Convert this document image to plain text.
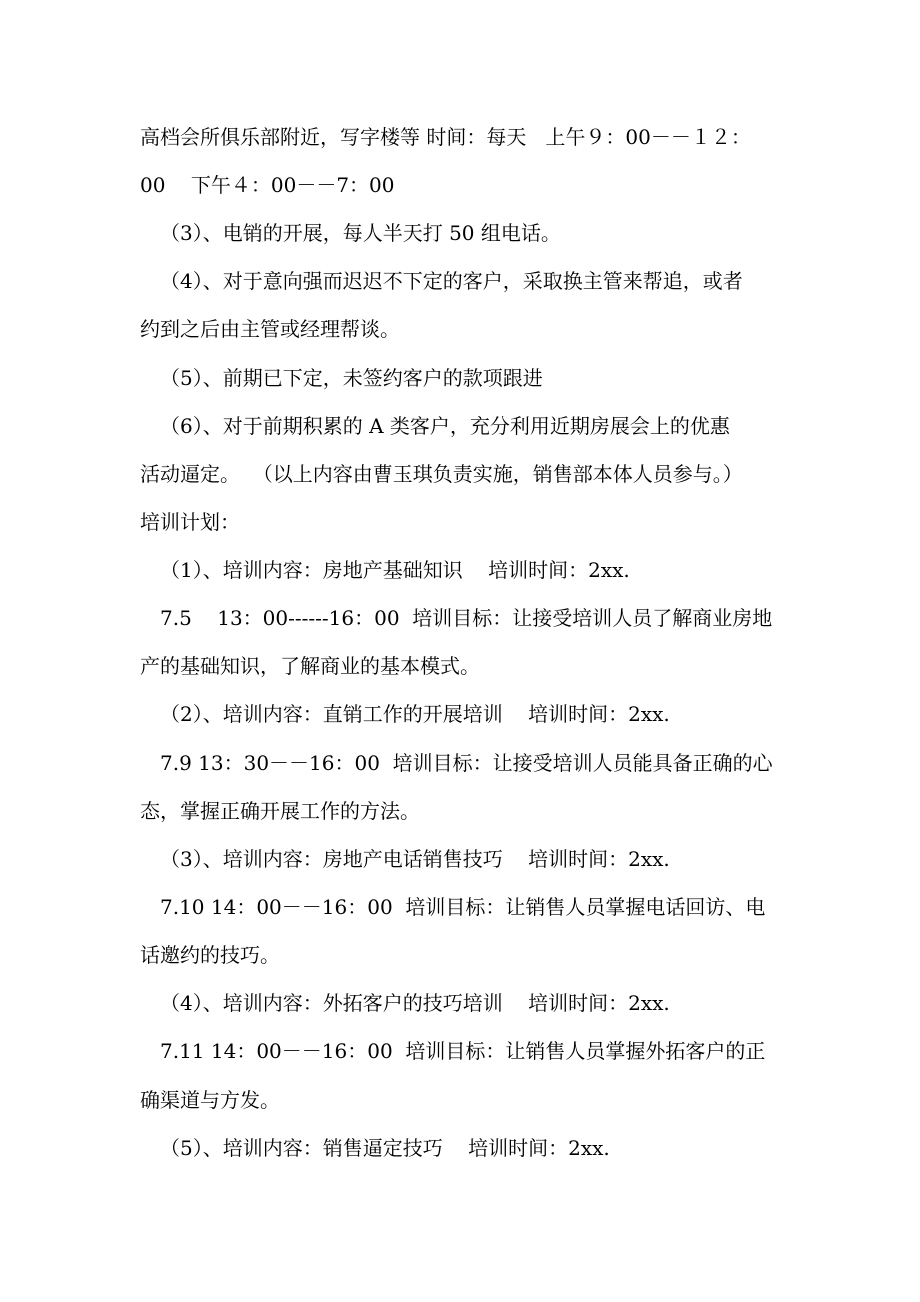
高档会所俱乐部附近，写字楼等 时间：每天   上午９：00－－１２：
00    下午４：00－－7：00
（3）、电销的开展，每人半天打 50 组电话。
（4）、对于意向强而迟迟不下定的客户，采取换主管来帮追，或者
约到之后由主管或经理帮谈。
（5）、前期已下定，未签约客户的款项跟进
（6）、对于前期积累的 A 类客户，充分利用近期房展会上的优惠
活动逼定。  （以上内容由曹玉琪负责实施，销售部本体人员参与。）
培训计划：
（1）、培训内容：房地产基础知识    培训时间：2xx.
7.5    13：00------16：00  培训目标：让接受培训人员了解商业房地
产的基础知识，了解商业的基本模式。
（2）、培训内容：直销工作的开展培训    培训时间：2xx.
7.9 13：30－－16：00  培训目标：让接受培训人员能具备正确的心
态，掌握正确开展工作的方法。
（3）、培训内容：房地产电话销售技巧    培训时间：2xx.
7.10 14：00－－16：00  培训目标：让销售人员掌握电话回访、电
话邀约的技巧。
（4）、培训内容：外拓客户的技巧培训    培训时间：2xx.
7.11 14：00－－16：00  培训目标：让销售人员掌握外拓客户的正
确渠道与方发。
（5）、培训内容：销售逼定技巧    培训时间：2xx.
